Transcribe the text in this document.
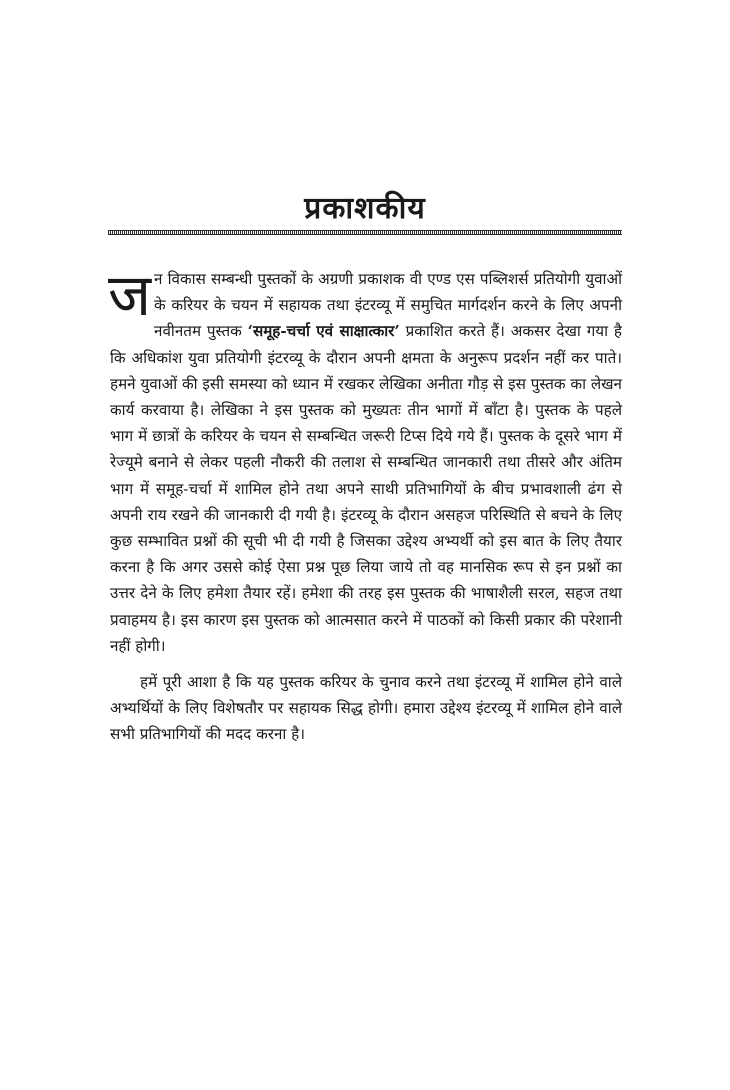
प्रकाशकीय

जन विकास सम्बन्धी पुस्तकों के अग्रणी प्रकाशक वी एण्ड एस पब्लिशर्स प्रतियोगी युवाओं के करियर के चयन में सहायक तथा इंटरव्यू में समुचित मार्गदर्शन करने के लिए अपनी नवीनतम पुस्तक ‘समूह-चर्चा एवं साक्षात्कार’ प्रकाशित करते हैं। अकसर देखा गया है कि अधिकांश युवा प्रतियोगी इंटरव्यू के दौरान अपनी क्षमता के अनुरूप प्रदर्शन नहीं कर पाते। हमने युवाओं की इसी समस्या को ध्यान में रखकर लेखिका अनीता गौड़ से इस पुस्तक का लेखन कार्य करवाया है। लेखिका ने इस पुस्तक को मुख्यतः तीन भागों में बाँटा है। पुस्तक के पहले भाग में छात्रों के करियर के चयन से सम्बन्धित जरूरी टिप्स दिये गये हैं। पुस्तक के दूसरे भाग में रेज्यूमे बनाने से लेकर पहली नौकरी की तलाश से सम्बन्धित जानकारी तथा तीसरे और अंतिम भाग में समूह-चर्चा में शामिल होने तथा अपने साथी प्रतिभागियों के बीच प्रभावशाली ढंग से अपनी राय रखने की जानकारी दी गयी है। इंटरव्यू के दौरान असहज परिस्थिति से बचने के लिए कुछ सम्भावित प्रश्नों की सूची भी दी गयी है जिसका उद्देश्य अभ्यर्थी को इस बात के लिए तैयार करना है कि अगर उससे कोई ऐसा प्रश्न पूछ लिया जाये तो वह मानसिक रूप से इन प्रश्नों का उत्तर देने के लिए हमेशा तैयार रहें। हमेशा की तरह इस पुस्तक की भाषाशैली सरल, सहज तथा प्रवाहमय है। इस कारण इस पुस्तक को आत्मसात करने में पाठकों को किसी प्रकार की परेशानी नहीं होगी।

हमें पूरी आशा है कि यह पुस्तक करियर के चुनाव करने तथा इंटरव्यू में शामिल होने वाले अभ्यर्थियों के लिए विशेषतौर पर सहायक सिद्ध होगी। हमारा उद्देश्य इंटरव्यू में शामिल होने वाले सभी प्रतिभागियों की मदद करना है।
